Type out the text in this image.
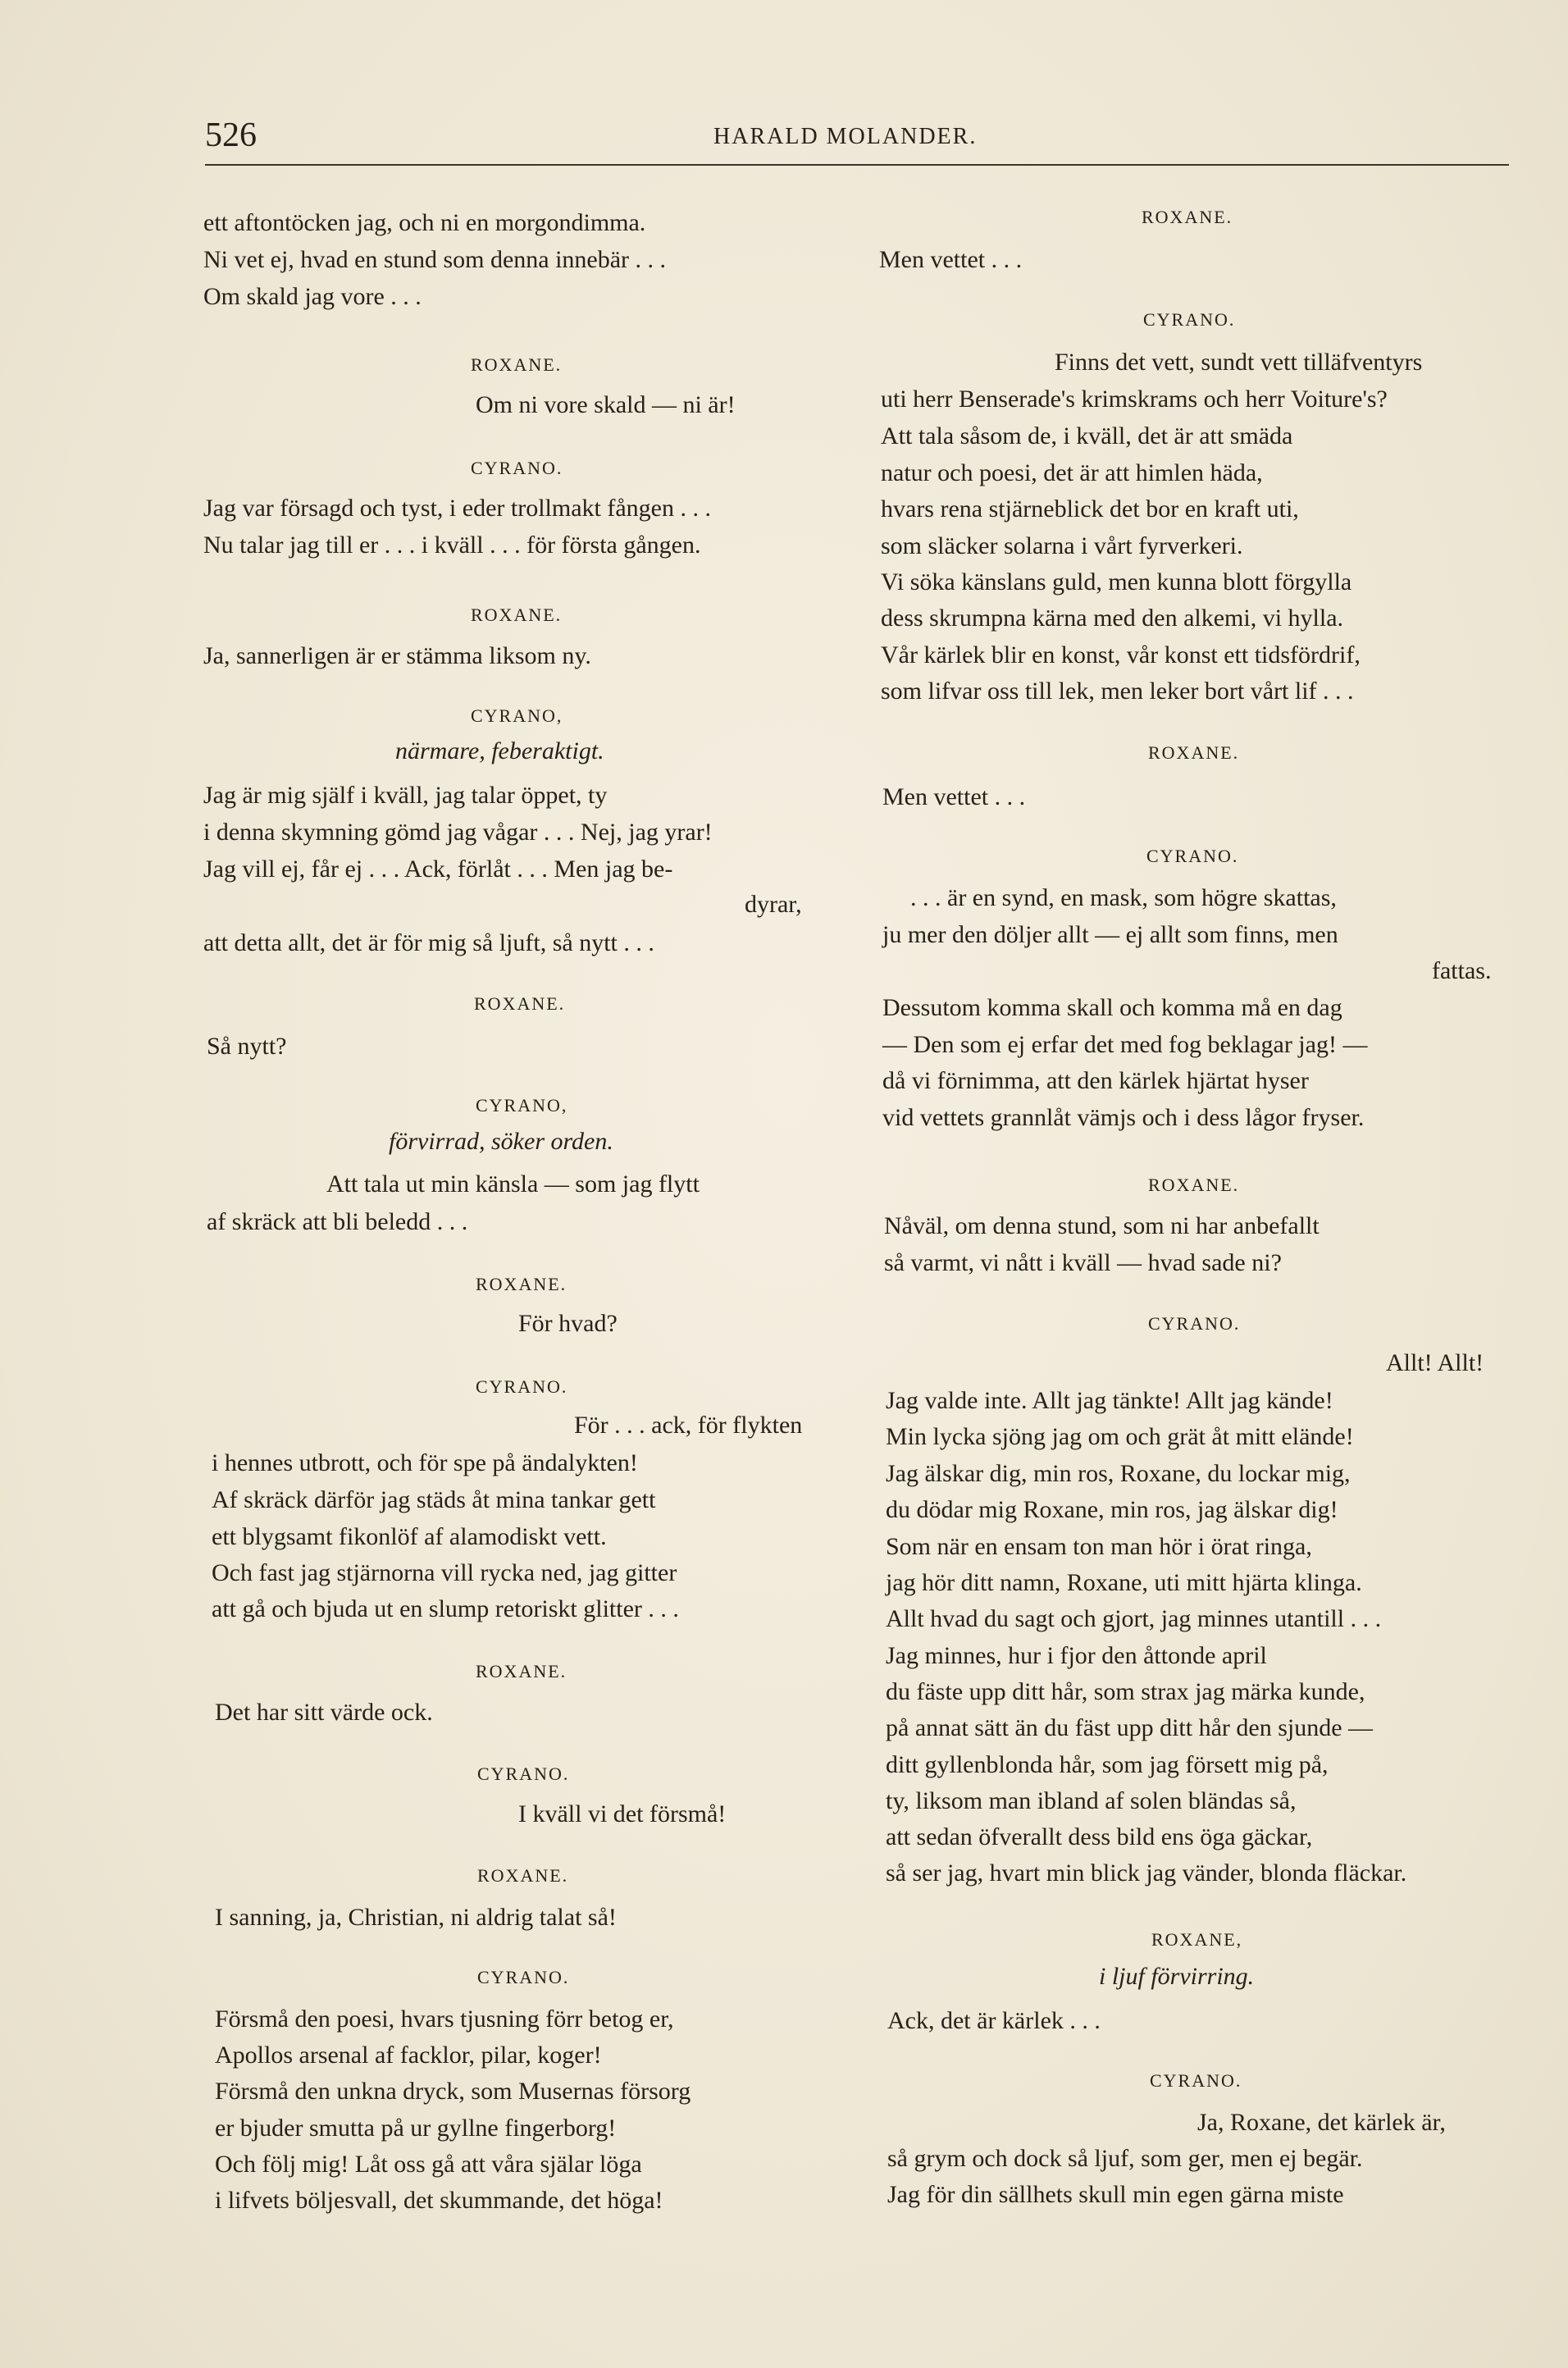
526	HARALD MOLANDER.
ett aftontöcken jag, och ni en morgondimma.
Ni vet ej, hvad en stund som denna innebär . . .
Om skald jag vore . . .
ROXANE.
Om ni vore skald — ni är!
CYRANO.
Jag var försagd och tyst, i eder trollmakt fången . . .
Nu talar jag till er . . . i kväll . . . för första gången.
ROXANE.
Ja, sannerligen är er stämma liksom ny.
CYRANO,
närmare, feberaktigt.
Jag är mig själf i kväll, jag talar öppet, ty
i denna skymning gömd jag vågar . . . Nej, jag yrar!
Jag vill ej, får ej . . . Ack, förlåt . . . Men jag be-
dyrar,
att detta allt, det är för mig så ljuft, så nytt . . .
ROXANE.
Så nytt?
CYRANO,
förvirrad, söker orden.
Att tala ut min känsla — som jag flytt
af skräck att bli beledd . . .
ROXANE.
För hvad?
CYRANO.
För . . . ack, för flykten
i hennes utbrott, och för spe på ändalykten!
Af skräck därför jag städs åt mina tankar gett
ett blygsamt fikonlöf af alamodiskt vett.
Och fast jag stjärnorna vill rycka ned, jag gitter
att gå och bjuda ut en slump retoriskt glitter . . .
ROXANE.
Det har sitt värde ock.
CYRANO.
I kväll vi det försmå!
ROXANE.
I sanning, ja, Christian, ni aldrig talat så!
CYRANO.
Försmå den poesi, hvars tjusning förr betog er,
Apollos arsenal af facklor, pilar, koger!
Försmå den unkna dryck, som Musernas försorg
er bjuder smutta på ur gyllne fingerborg!
Och följ mig! Låt oss gå att våra själar löga
i lifvets böljesvall, det skummande, det höga!
ROXANE.
Men vettet . . .
CYRANO.
Finns det vett, sundt vett tilläfventyrs
uti herr Benserade's krimskrams och herr Voiture's?
Att tala såsom de, i kväll, det är att smäda
natur och poesi, det är att himlen häda,
hvars rena stjärneblick det bor en kraft uti,
som släcker solarna i vårt fyrverkeri.
Vi söka känslans guld, men kunna blott förgylla
dess skrumpna kärna med den alkemi, vi hylla.
Vår kärlek blir en konst, vår konst ett tidsfördrif,
som lifvar oss till lek, men leker bort vårt lif . . .
ROXANE.
Men vettet . . .
CYRANO.
. . . är en synd, en mask, som högre skattas,
ju mer den döljer allt — ej allt som finns, men
fattas.
Dessutom komma skall och komma må en dag
— Den som ej erfar det med fog beklagar jag! —
då vi förnimma, att den kärlek hjärtat hyser
vid vettets grannlåt vämjs och i dess lågor fryser.
ROXANE.
Nåväl, om denna stund, som ni har anbefallt
så varmt, vi nått i kväll — hvad sade ni?
CYRANO.
Allt! Allt!
Jag valde inte. Allt jag tänkte! Allt jag kände!
Min lycka sjöng jag om och grät åt mitt elände!
Jag älskar dig, min ros, Roxane, du lockar mig,
du dödar mig Roxane, min ros, jag älskar dig!
Som när en ensam ton man hör i örat ringa,
jag hör ditt namn, Roxane, uti mitt hjärta klinga.
Allt hvad du sagt och gjort, jag minnes utantill . . .
Jag minnes, hur i fjor den åttonde april
du fäste upp ditt hår, som strax jag märka kunde,
på annat sätt än du fäst upp ditt hår den sjunde —
ditt gyllenblonda hår, som jag försett mig på,
ty, liksom man ibland af solen bländas så,
att sedan öfverallt dess bild ens öga gäckar,
så ser jag, hvart min blick jag vänder, blonda fläckar.
ROXANE,
i ljuf förvirring.
Ack, det är kärlek . . .
CYRANO.
Ja, Roxane, det kärlek är,
så grym och dock så ljuf, som ger, men ej begär.
Jag för din sällhets skull min egen gärna miste
